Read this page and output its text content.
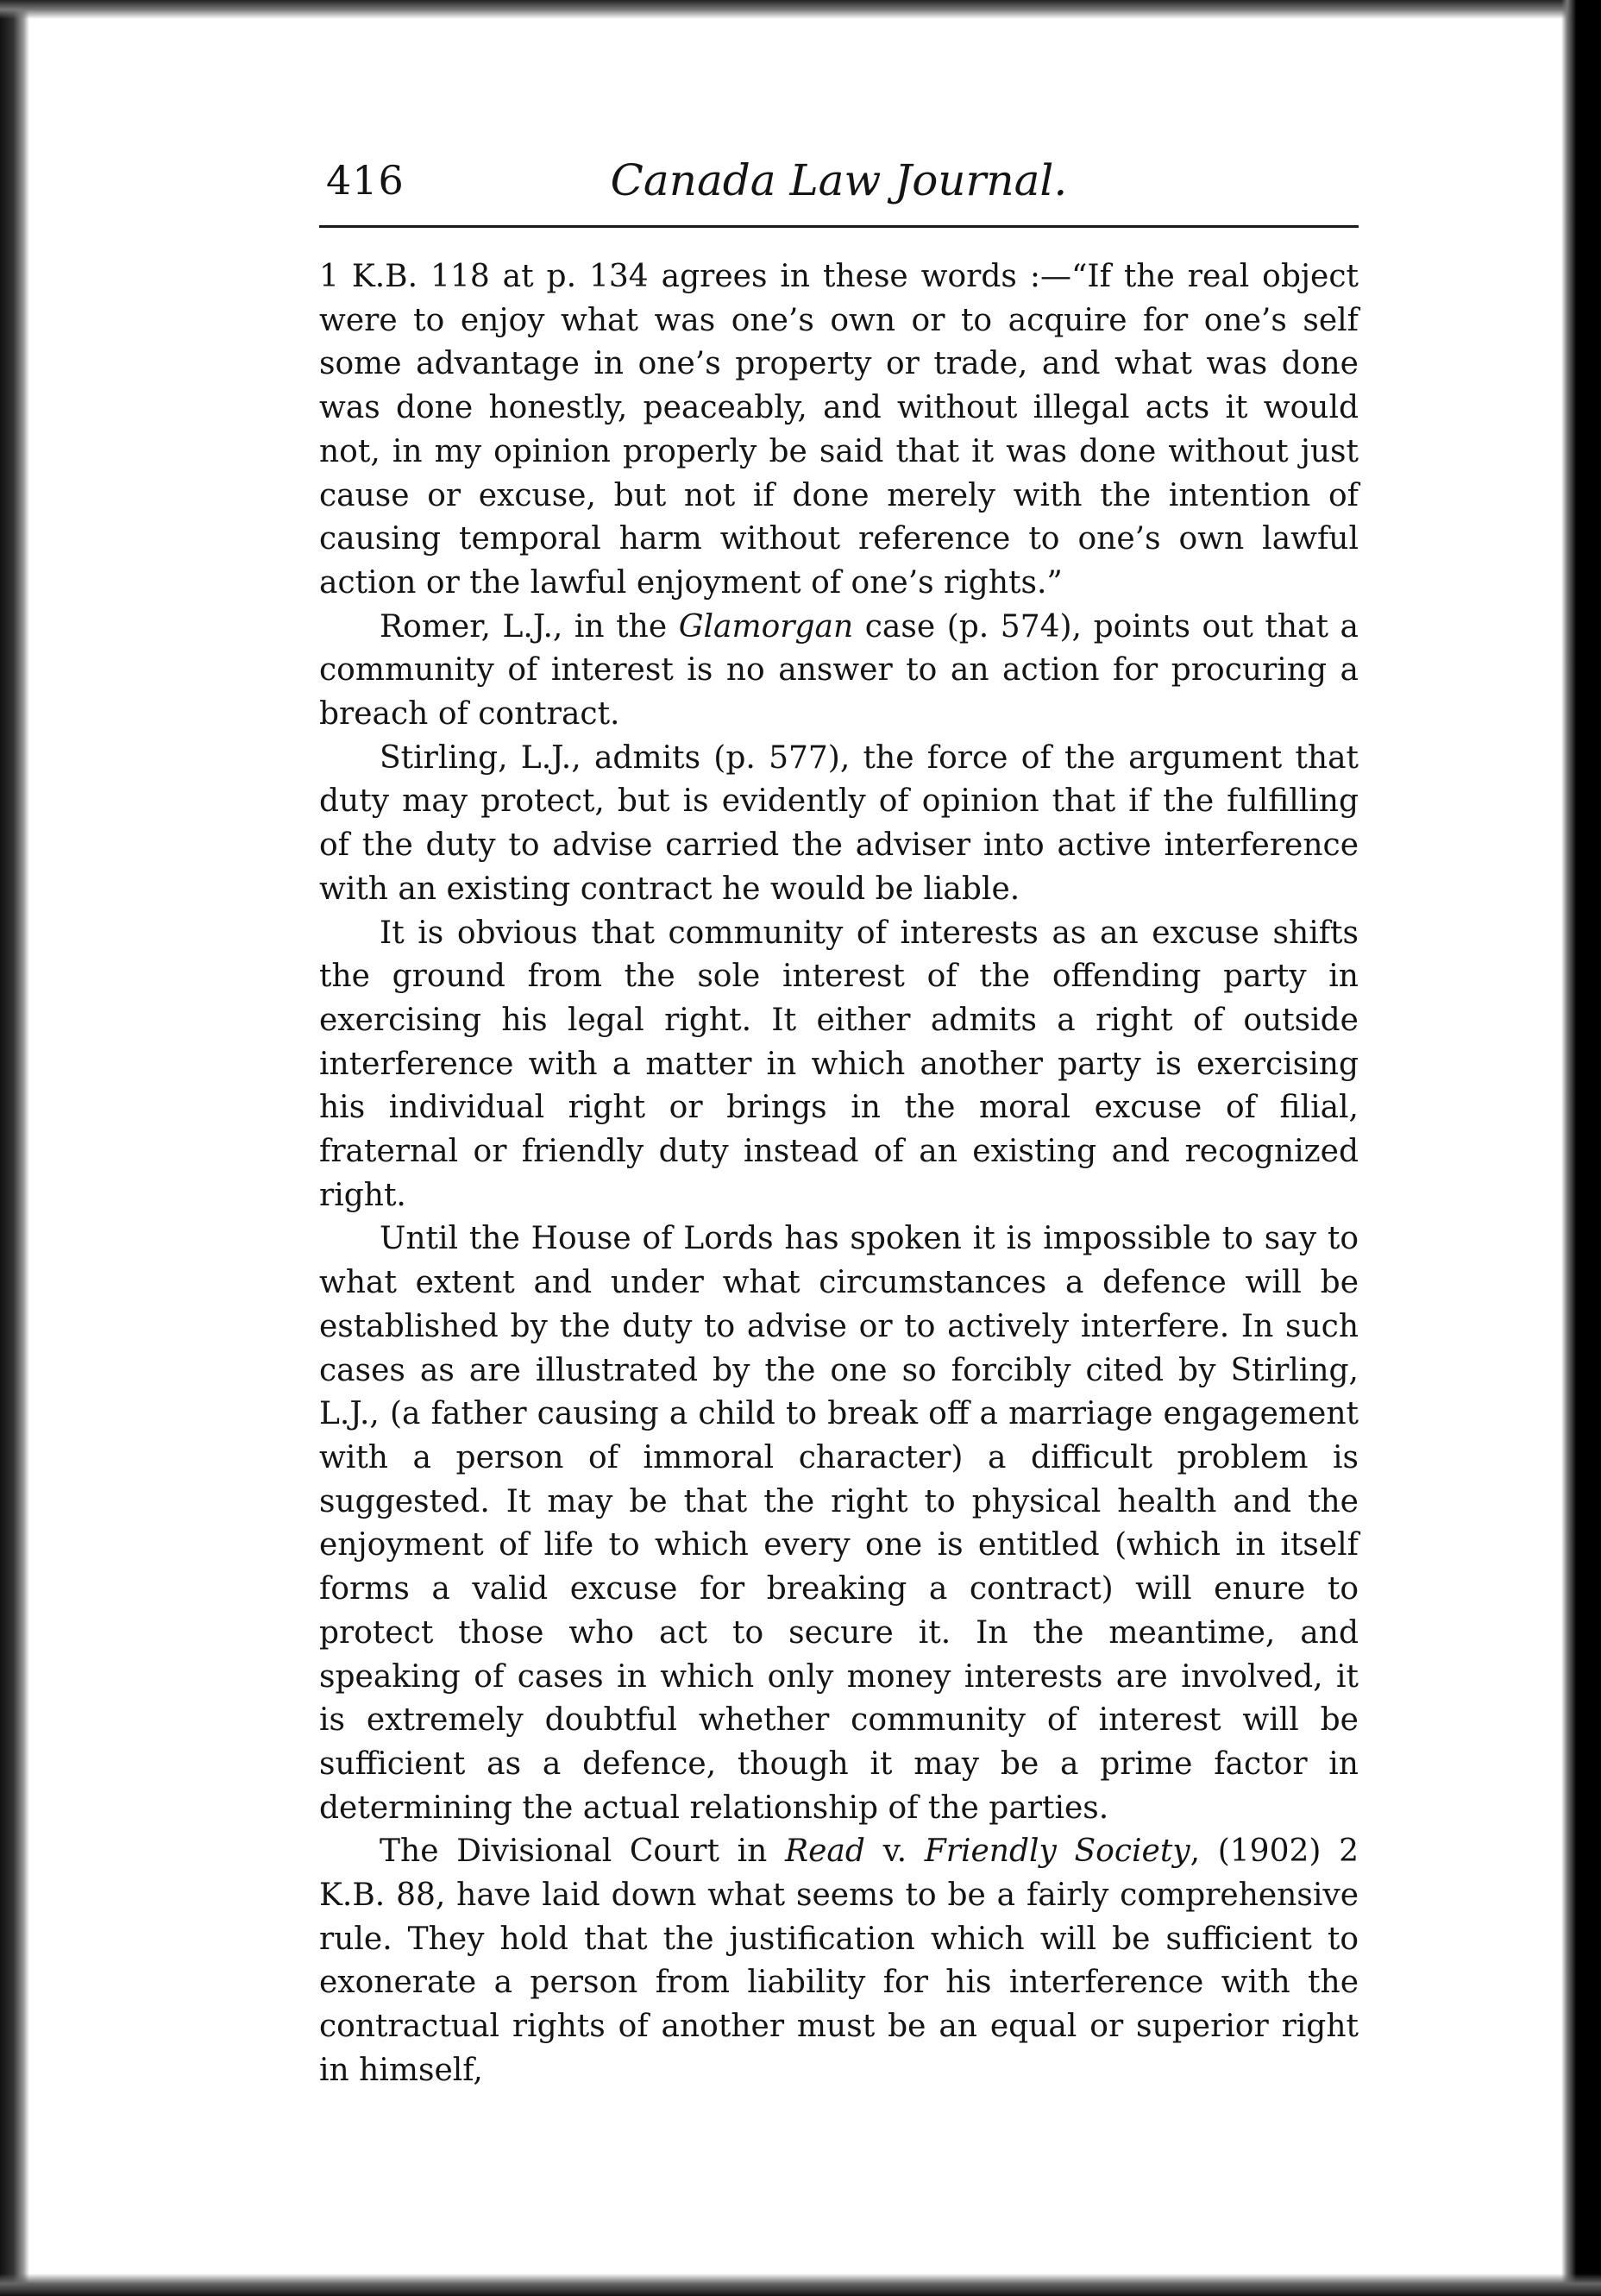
416	Canada Law Journal.

1 K.B. 118 at p. 134 agrees in these words :—“If the real object were to enjoy what was one’s own or to acquire for one’s self some advantage in one’s property or trade, and what was done was done honestly, peaceably, and without illegal acts it would not, in my opinion properly be said that it was done without just cause or excuse, but not if done merely with the intention of causing temporal harm without reference to one’s own lawful action or the lawful enjoyment of one’s rights.”

Romer, L.J., in the Glamorgan case (p. 574), points out that a community of interest is no answer to an action for procuring a breach of contract.

Stirling, L.J., admits (p. 577), the force of the argument that duty may protect, but is evidently of opinion that if the fulfilling of the duty to advise carried the adviser into active interference with an existing contract he would be liable.

It is obvious that community of interests as an excuse shifts the ground from the sole interest of the offending party in exercising his legal right. It either admits a right of outside interference with a matter in which another party is exercising his individual right or brings in the moral excuse of filial, fraternal or friendly duty instead of an existing and recognized right.

Until the House of Lords has spoken it is impossible to say to what extent and under what circumstances a defence will be established by the duty to advise or to actively interfere. In such cases as are illustrated by the one so forcibly cited by Stirling, L.J., (a father causing a child to break off a marriage engagement with a person of immoral character) a difficult problem is suggested. It may be that the right to physical health and the enjoyment of life to which every one is entitled (which in itself forms a valid excuse for breaking a contract) will enure to protect those who act to secure it. In the meantime, and speaking of cases in which only money interests are involved, it is extremely doubtful whether community of interest will be sufficient as a defence, though it may be a prime factor in determining the actual relationship of the parties.

The Divisional Court in Read v. Friendly Society, (1902) 2 K.B. 88, have laid down what seems to be a fairly comprehensive rule. They hold that the justification which will be sufficient to exonerate a person from liability for his interference with the contractual rights of another must be an equal or superior right in himself,
